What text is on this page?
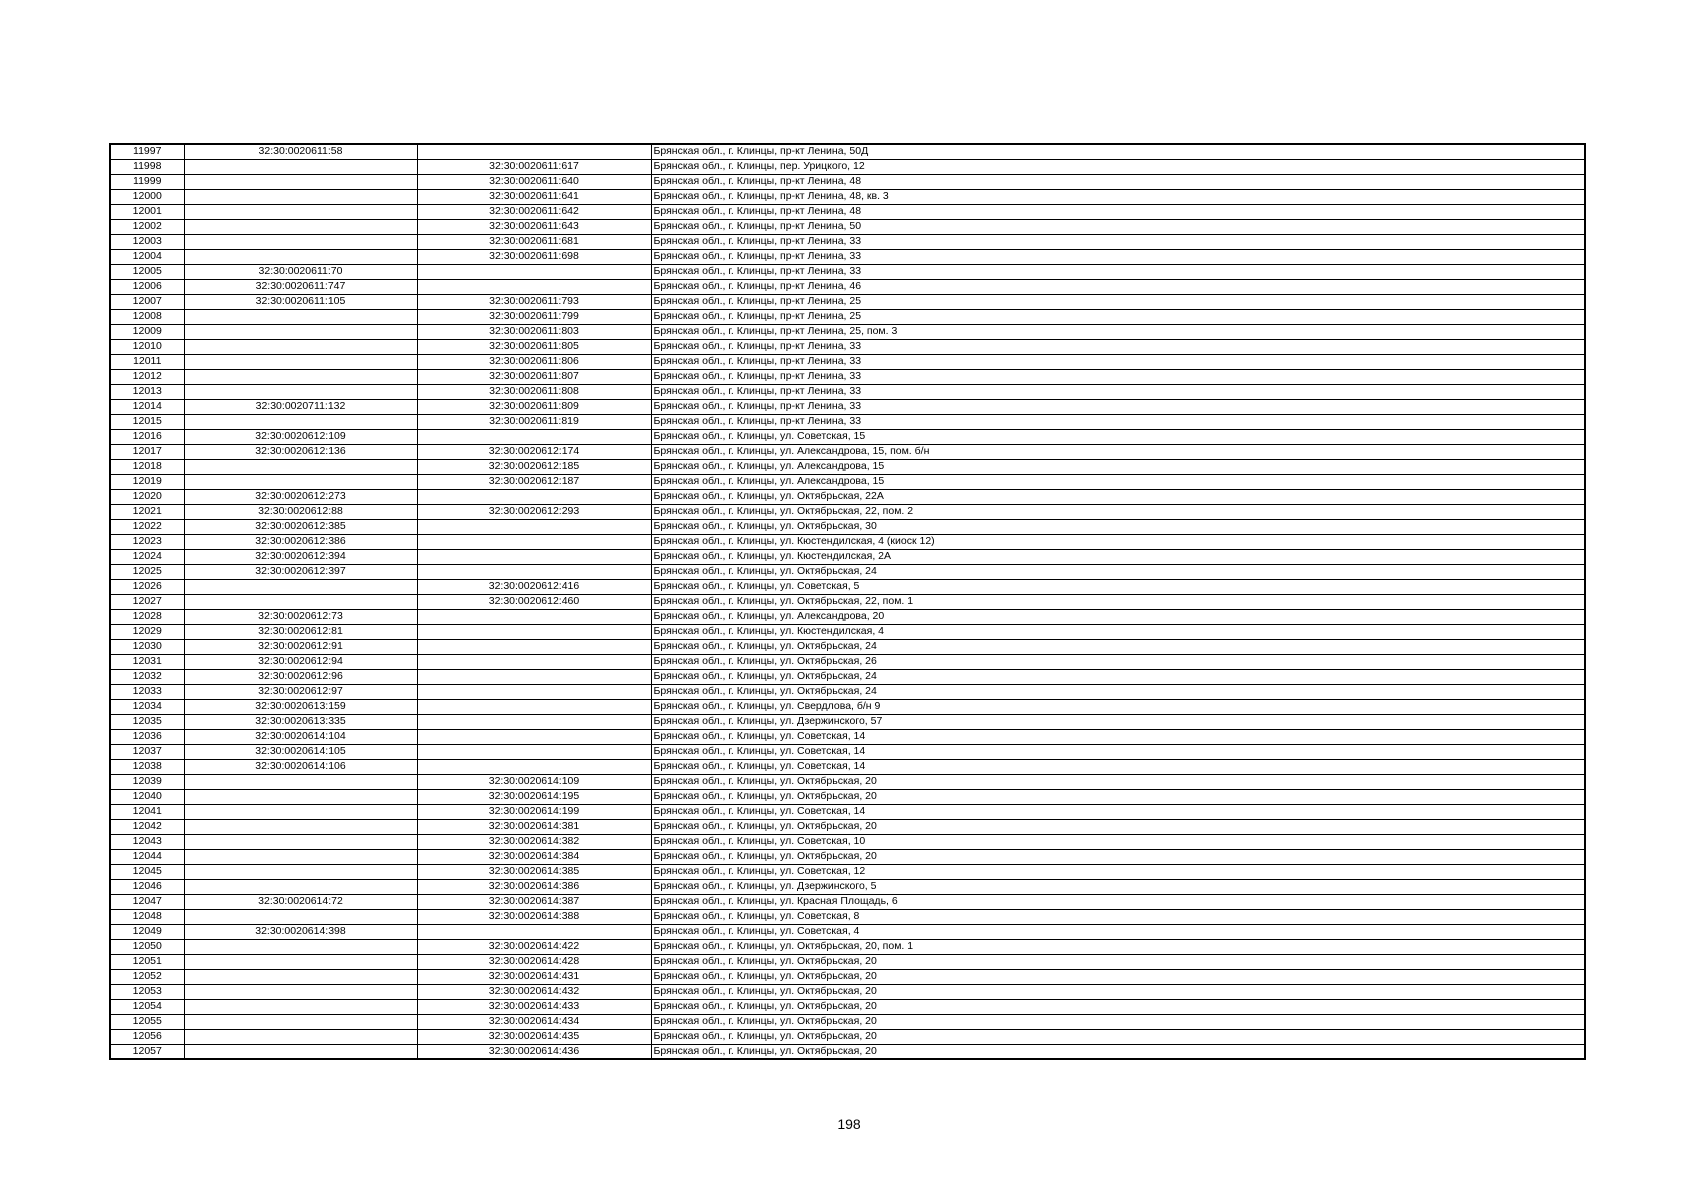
11997	32:30:0020611:58		Брянская обл., г. Клинцы, пр-кт Ленина, 50Д
11998		32:30:0020611:617	Брянская обл., г. Клинцы, пер. Урицкого, 12
11999		32:30:0020611:640	Брянская обл., г. Клинцы, пр-кт Ленина, 48
12000		32:30:0020611:641	Брянская обл., г. Клинцы, пр-кт Ленина, 48, кв. 3
12001		32:30:0020611:642	Брянская обл., г. Клинцы, пр-кт Ленина, 48
12002		32:30:0020611:643	Брянская обл., г. Клинцы, пр-кт Ленина, 50
12003		32:30:0020611:681	Брянская обл., г. Клинцы, пр-кт Ленина, 33
12004		32:30:0020611:698	Брянская обл., г. Клинцы, пр-кт Ленина, 33
12005	32:30:0020611:70		Брянская обл., г. Клинцы, пр-кт Ленина, 33
12006	32:30:0020611:747		Брянская обл., г. Клинцы, пр-кт Ленина, 46
12007	32:30:0020611:105	32:30:0020611:793	Брянская обл., г. Клинцы, пр-кт Ленина, 25
12008		32:30:0020611:799	Брянская обл., г. Клинцы, пр-кт Ленина, 25
12009		32:30:0020611:803	Брянская обл., г. Клинцы, пр-кт Ленина, 25, пом. 3
12010		32:30:0020611:805	Брянская обл., г. Клинцы, пр-кт Ленина, 33
12011		32:30:0020611:806	Брянская обл., г. Клинцы, пр-кт Ленина, 33
12012		32:30:0020611:807	Брянская обл., г. Клинцы, пр-кт Ленина, 33
12013		32:30:0020611:808	Брянская обл., г. Клинцы, пр-кт Ленина, 33
12014	32:30:0020711:132	32:30:0020611:809	Брянская обл., г. Клинцы, пр-кт Ленина, 33
12015		32:30:0020611:819	Брянская обл., г. Клинцы, пр-кт Ленина, 33
12016	32:30:0020612:109		Брянская обл., г. Клинцы, ул. Советская, 15
12017	32:30:0020612:136	32:30:0020612:174	Брянская обл., г. Клинцы, ул. Александрова, 15, пом. б/н
12018		32:30:0020612:185	Брянская обл., г. Клинцы, ул. Александрова, 15
12019		32:30:0020612:187	Брянская обл., г. Клинцы, ул. Александрова, 15
12020	32:30:0020612:273		Брянская обл., г. Клинцы, ул. Октябрьская, 22А
12021	32:30:0020612:88	32:30:0020612:293	Брянская обл., г. Клинцы, ул. Октябрьская, 22, пом. 2
12022	32:30:0020612:385		Брянская обл., г. Клинцы, ул. Октябрьская, 30
12023	32:30:0020612:386		Брянская обл., г. Клинцы, ул. Кюстендилская, 4 (киоск 12)
12024	32:30:0020612:394		Брянская обл., г. Клинцы, ул. Кюстендилская, 2А
12025	32:30:0020612:397		Брянская обл., г. Клинцы, ул. Октябрьская, 24
12026		32:30:0020612:416	Брянская обл., г. Клинцы, ул. Советская, 5
12027		32:30:0020612:460	Брянская обл., г. Клинцы, ул. Октябрьская, 22, пом. 1
12028	32:30:0020612:73		Брянская обл., г. Клинцы, ул. Александрова, 20
12029	32:30:0020612:81		Брянская обл., г. Клинцы, ул. Кюстендилская, 4
12030	32:30:0020612:91		Брянская обл., г. Клинцы, ул. Октябрьская, 24
12031	32:30:0020612:94		Брянская обл., г. Клинцы, ул. Октябрьская, 26
12032	32:30:0020612:96		Брянская обл., г. Клинцы, ул. Октябрьская, 24
12033	32:30:0020612:97		Брянская обл., г. Клинцы, ул. Октябрьская, 24
12034	32:30:0020613:159		Брянская обл., г. Клинцы, ул. Свердлова, б/н 9
12035	32:30:0020613:335		Брянская обл., г. Клинцы, ул. Дзержинского, 57
12036	32:30:0020614:104		Брянская обл., г. Клинцы, ул. Советская, 14
12037	32:30:0020614:105		Брянская обл., г. Клинцы, ул. Советская, 14
12038	32:30:0020614:106		Брянская обл., г. Клинцы, ул. Советская, 14
12039		32:30:0020614:109	Брянская обл., г. Клинцы, ул. Октябрьская, 20
12040		32:30:0020614:195	Брянская обл., г. Клинцы, ул. Октябрьская, 20
12041		32:30:0020614:199	Брянская обл., г. Клинцы, ул. Советская, 14
12042		32:30:0020614:381	Брянская обл., г. Клинцы, ул. Октябрьская, 20
12043		32:30:0020614:382	Брянская обл., г. Клинцы, ул. Советская, 10
12044		32:30:0020614:384	Брянская обл., г. Клинцы, ул. Октябрьская, 20
12045		32:30:0020614:385	Брянская обл., г. Клинцы, ул. Советская, 12
12046		32:30:0020614:386	Брянская обл., г. Клинцы, ул. Дзержинского, 5
12047	32:30:0020614:72	32:30:0020614:387	Брянская обл., г. Клинцы, ул. Красная Площадь, 6
12048		32:30:0020614:388	Брянская обл., г. Клинцы, ул. Советская, 8
12049	32:30:0020614:398		Брянская обл., г. Клинцы, ул. Советская, 4
12050		32:30:0020614:422	Брянская обл., г. Клинцы, ул. Октябрьская, 20, пом. 1
12051		32:30:0020614:428	Брянская обл., г. Клинцы, ул. Октябрьская, 20
12052		32:30:0020614:431	Брянская обл., г. Клинцы, ул. Октябрьская, 20
12053		32:30:0020614:432	Брянская обл., г. Клинцы, ул. Октябрьская, 20
12054		32:30:0020614:433	Брянская обл., г. Клинцы, ул. Октябрьская, 20
12055		32:30:0020614:434	Брянская обл., г. Клинцы, ул. Октябрьская, 20
12056		32:30:0020614:435	Брянская обл., г. Клинцы, ул. Октябрьская, 20
12057		32:30:0020614:436	Брянская обл., г. Клинцы, ул. Октябрьская, 20
198
